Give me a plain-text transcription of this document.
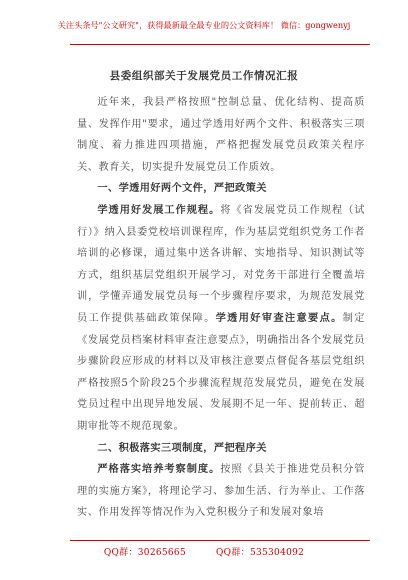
关注头条号"公文研究"，获得最新最全最专业的公文资料库！ 微信：gongwenyj
县委组织部关于发展党员工作情况汇报

近年来，我县严格按照"控制总量、优化结构、提高质量、发挥作用"要求，通过学透用好两个文件、积极落实三项制度、着力推进四项措施，严格把握发展党员政策关程序关、教育关，切实提升发展党员工作质效。

一、学透用好两个文件，严把政策关

学透用好发展工作规程。将《省发展党员工作规程（试行）》纳入县委党校培训课程库，作为基层党组织党务工作者培训的必修课，通过集中送各讲解、实地指导、知识测试等方式，组织基层党组织开展学习，对党务干部进行全覆盖培训，学懂弄通发展党员每一个步骤程序要求，为规范发展党员工作提供基础政策保障。学透用好审查注意要点。制定《发展党员档案材料审查注意要点》，明确指出各个发展党员步骤阶段应形成的材料以及审核注意要点督促各基层党组织严格按照5个阶段25个步骤流程规范发展党员，避免在发展党员过程中出现异地发展、发展期不足一年、提前转正、超期审批等不规范现象。

二、积极落实三项制度，严把程序关

严格落实培养考察制度。按照《县关于推进党员积分管理的实施方案》，将理论学习、参加生活、行为举止、工作落实、作用发挥等情况作为入党积极分子和发展对象培

QQ群：30265665	QQ群：535304092
